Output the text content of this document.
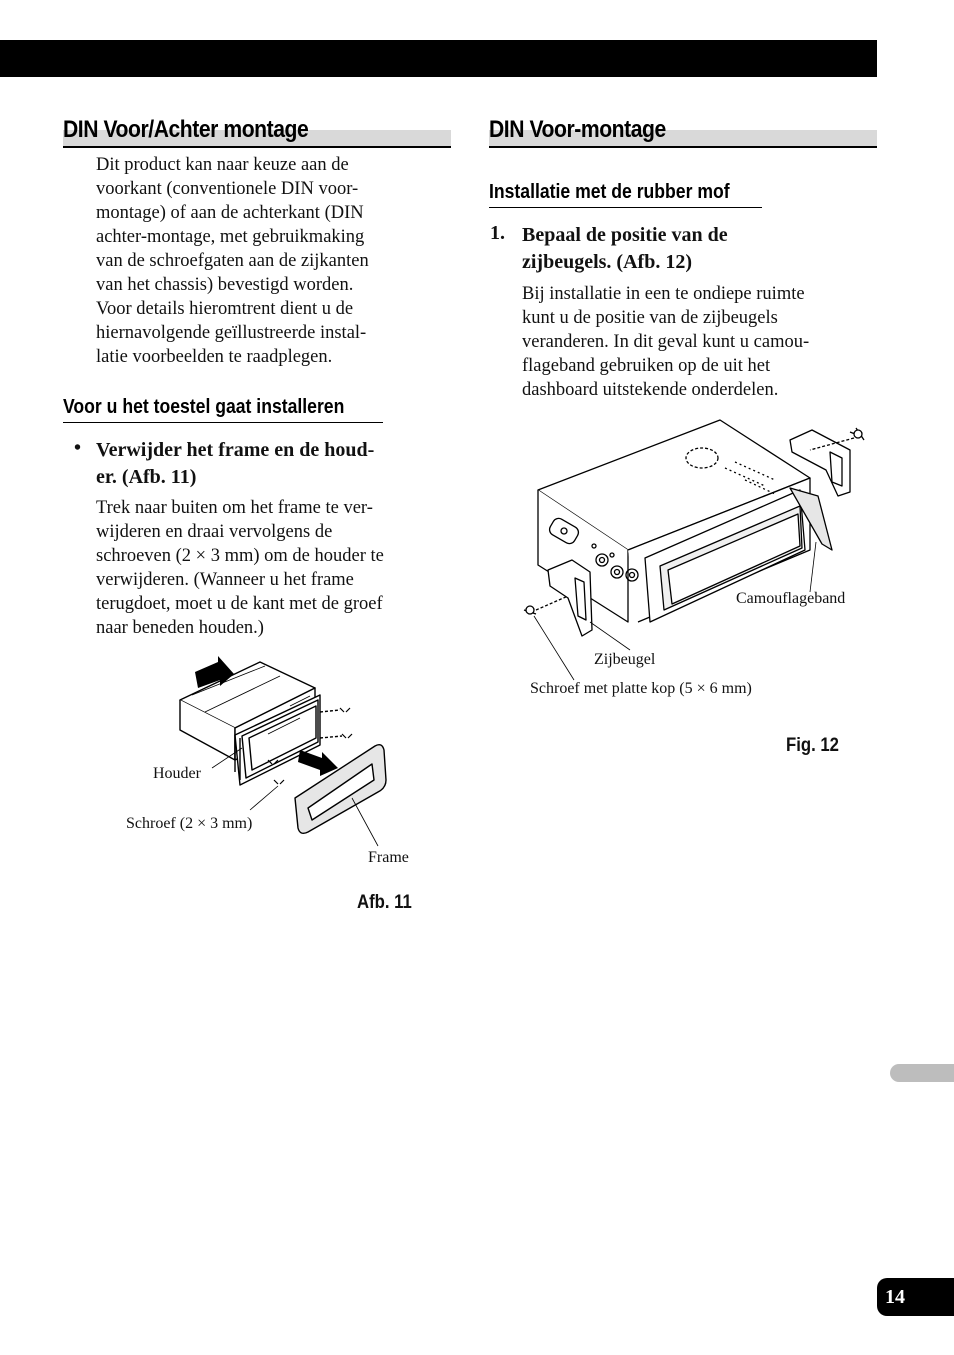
DIN Voor/Achter montage

Dit product kan naar keuze aan de
voorkant (conventionele DIN voor-
montage) of aan de achterkant (DIN
achter-montage, met gebruikmaking
van de schroefgaten aan de zijkanten
van het chassis) bevestigd worden.
Voor details hieromtrent dient u de
hiernavolgende geïllustreerde instal-
latie voorbeelden te raadplegen.

Voor u het toestel gaat installeren
• Verwijder het frame en de houd-
er. (Afb. 11)

Trek naar buiten om het frame te ver-
wijderen en draai vervolgens de
schroeven (2 × 3 mm) om de houder te
verwijderen. (Wanneer u het frame
terugdoet, moet u de kant met de groef
naar beneden houden.)

Houder
Schroef (2 × 3 mm)
Frame
Afb. 11
DIN Voor-montage
Installatie met de rubber mof
1. Bepaal de positie van de
zijbeugels. (Afb. 12)

Bij installatie in een te ondiepe ruimte
kunt u de positie van de zijbeugels
veranderen. In dit geval kunt u camou-
flageband gebruiken op de uit het
dashboard uitstekende onderdelen.

Camouflageband
Zijbeugel
Schroef met platte kop (5 × 6 mm)
Fig. 12
14
